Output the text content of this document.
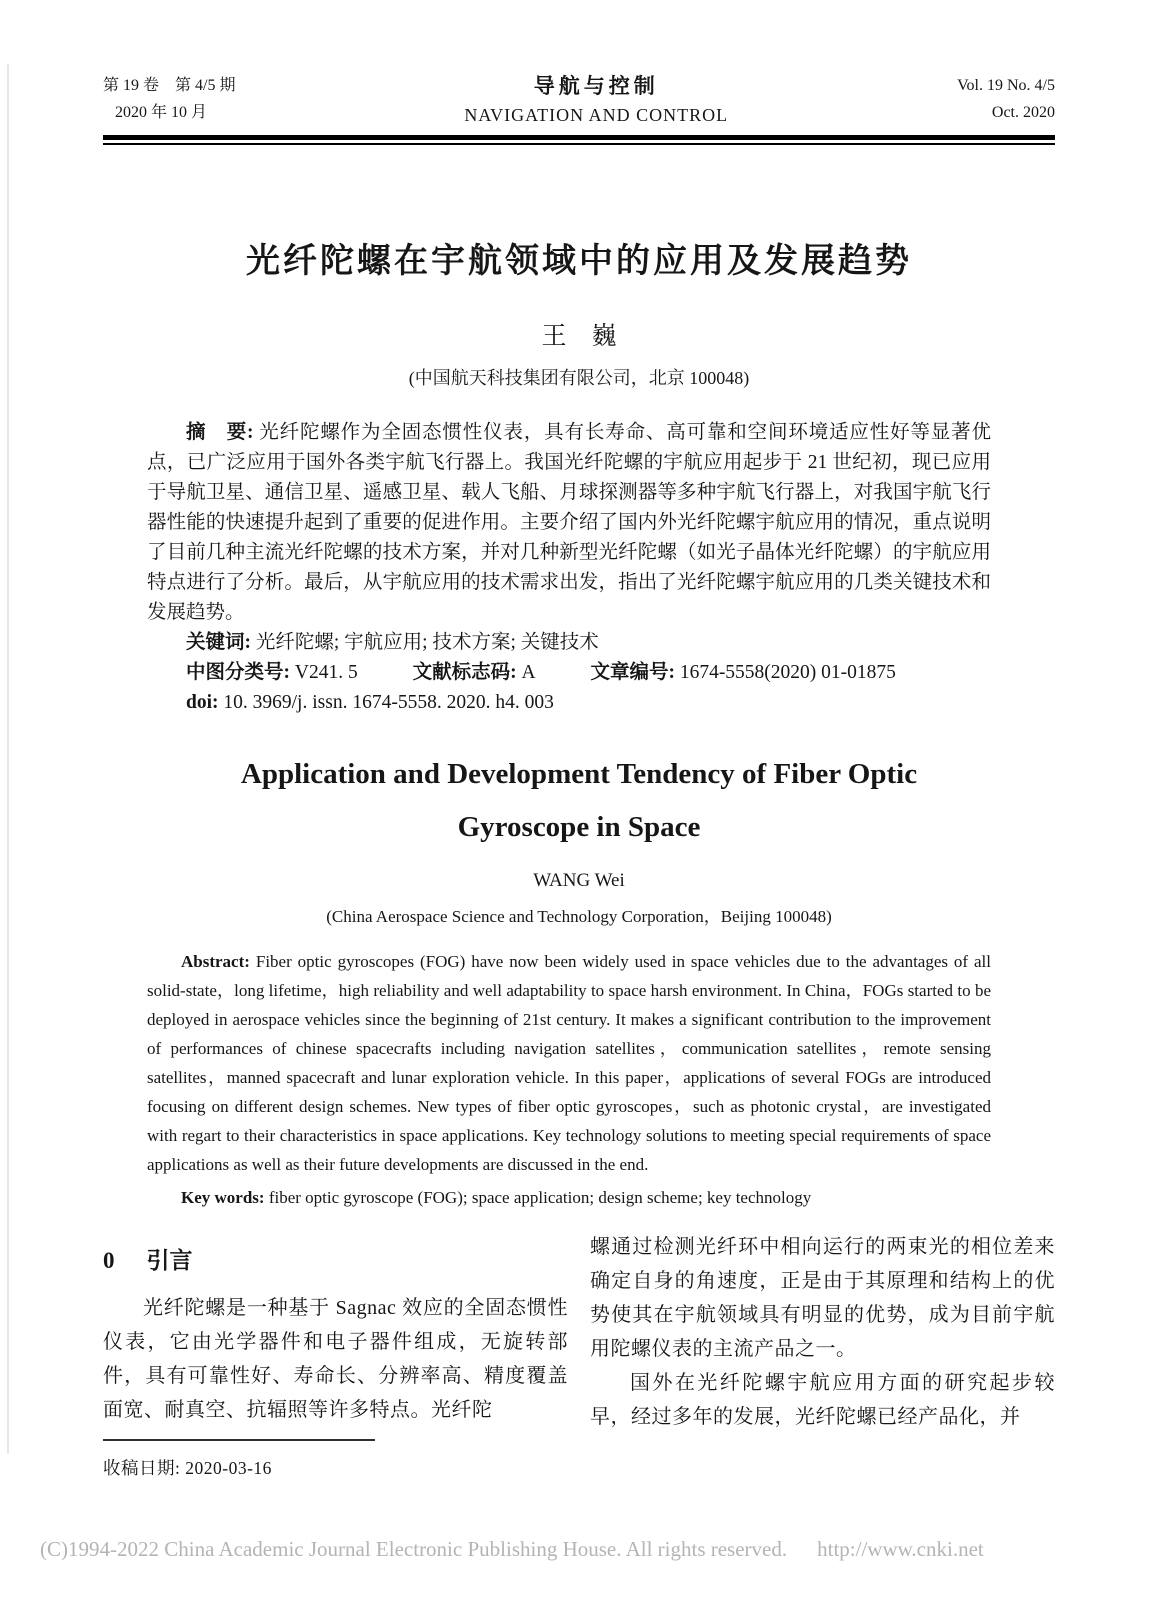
第 19 卷　第 4/5 期
2020 年 10 月
导航与控制
NAVIGATION AND CONTROL
Vol. 19 No. 4/5
Oct. 2020
光纤陀螺在宇航领域中的应用及发展趋势
王　巍
(中国航天科技集团有限公司，北京 100048)

摘　要: 光纤陀螺作为全固态惯性仪表，具有长寿命、高可靠和空间环境适应性好等显著优点，已广泛应用于国外各类宇航飞行器上。我国光纤陀螺的宇航应用起步于 21 世纪初，现已应用于导航卫星、通信卫星、遥感卫星、载人飞船、月球探测器等多种宇航飞行器上，对我国宇航飞行器性能的快速提升起到了重要的促进作用。主要介绍了国内外光纤陀螺宇航应用的情况，重点说明了目前几种主流光纤陀螺的技术方案，并对几种新型光纤陀螺（如光子晶体光纤陀螺）的宇航应用特点进行了分析。最后，从宇航应用的技术需求出发，指出了光纤陀螺宇航应用的几类关键技术和发展趋势。

关键词: 光纤陀螺; 宇航应用; 技术方案; 关键技术

中图分类号: V241. 5	文献标志码: A	文章编号: 1674-5558(2020) 01-01875

doi: 10. 3969/j. issn. 1674-5558. 2020. h4. 003

Application and Development Tendency of Fiber Optic
Gyroscope in Space
WANG Wei
(China Aerospace Science and Technology Corporation，Beijing 100048)

Abstract: Fiber optic gyroscopes (FOG) have now been widely used in space vehicles due to the advantages of all solid-state，long lifetime，high reliability and well adaptability to space harsh environment. In China，FOGs started to be deployed in aerospace vehicles since the beginning of 21st century. It makes a significant contribution to the improvement of performances of chinese spacecrafts including navigation satellites，communication satellites，remote sensing satellites，manned spacecraft and lunar exploration vehicle. In this paper，applications of several FOGs are introduced focusing on different design schemes. New types of fiber optic gyroscopes，such as photonic crystal，are investigated with regart to their characteristics in space applications. Key technology solutions to meeting special requirements of space applications as well as their future developments are discussed in the end.

Key words: fiber optic gyroscope (FOG); space application; design scheme; key technology

0 引言

光纤陀螺是一种基于 Sagnac 效应的全固态惯性仪表，它由光学器件和电子器件组成，无旋转部件，具有可靠性好、寿命长、分辨率高、精度覆盖面宽、耐真空、抗辐照等许多特点。光纤陀

收稿日期: 2020-03-16

螺通过检测光纤环中相向运行的两束光的相位差来确定自身的角速度，正是由于其原理和结构上的优势使其在宇航领域具有明显的优势，成为目前宇航用陀螺仪表的主流产品之一。

国外在光纤陀螺宇航应用方面的研究起步较早，经过多年的发展，光纤陀螺已经产品化，并

(C)1994-2022 China Academic Journal Electronic Publishing House. All rights reserved. http://www.cnki.net
